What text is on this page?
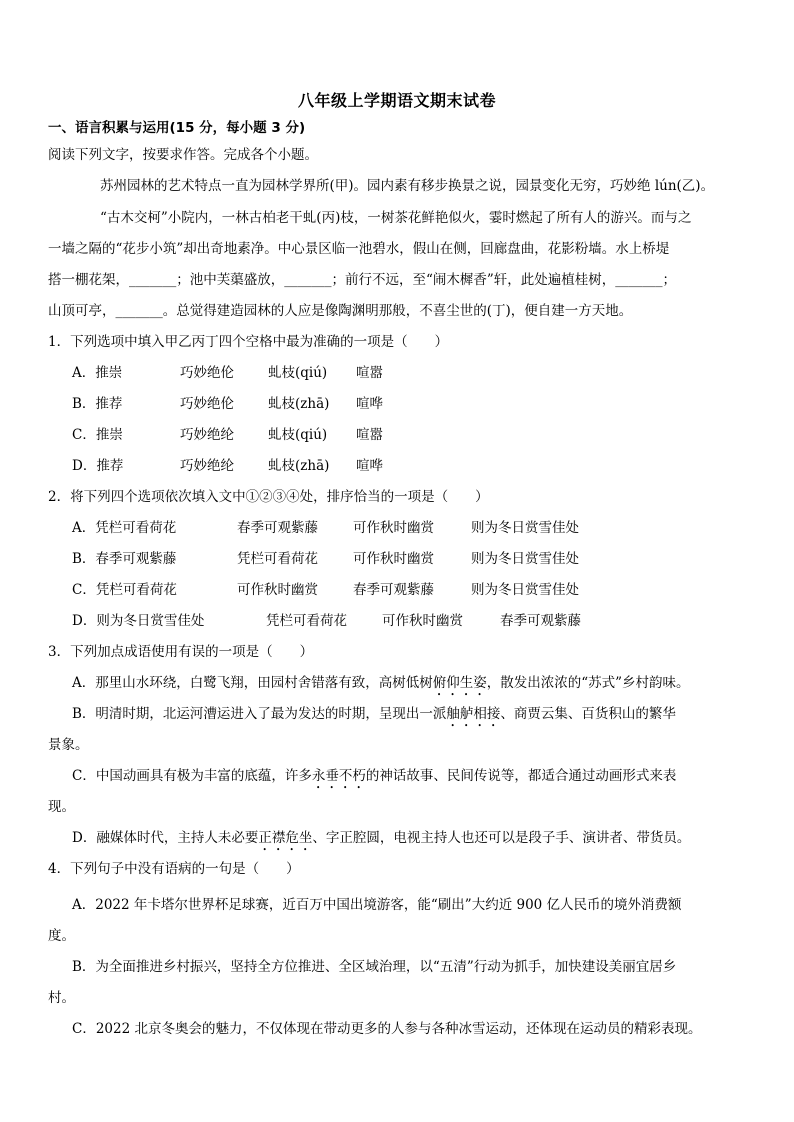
八年级上学期语文期末试卷
一、语言积累与运用(15 分，每小题 3 分)
阅读下列文字，按要求作答。完成各个小题。
苏州园林的艺术特点一直为园林学界所(甲)。园内素有移步换景之说，园景变化无穷，巧妙绝 lún(乙)。
“古木交柯”小院内，一林古柏老干虬(丙)枝，一树茶花鲜艳似火，霎时燃起了所有人的游兴。而与之
一墙之隔的“花步小筑”却出奇地素净。中心景区临一池碧水，假山在侧，回廊盘曲，花影粉墙。水上桥堤
搭一棚花架，_______；池中芙蕖盛放，_______；前行不远，至“闹木樨香”轩，此处遍植桂树，_______；
山顶可亭，_______。总觉得建造园林的人应是像陶渊明那般，不喜尘世的(丁)，便自建一方天地。
1．下列选项中填入甲乙丙丁四个空格中最为准确的一项是（　　）
A．推崇	巧妙绝伦	虬枝(qiú) 喧嚣
B．推荐	巧妙绝伦	虬枝(zhā) 喧哗
C．推崇	巧妙绝纶	虬枝(qiú) 喧嚣
D．推荐	巧妙绝纶	虬枝(zhā) 喧哗
2．将下列四个选项依次填入文中①②③④处，排序恰当的一项是（　　）
A．凭栏可看荷花	春季可观紫藤	可作秋时幽赏	则为冬日赏雪佳处
B．春季可观紫藤	凭栏可看荷花	可作秋时幽赏	则为冬日赏雪佳处
C．凭栏可看荷花	可作秋时幽赏	春季可观紫藤	则为冬日赏雪佳处
D．则为冬日赏雪佳处	凭栏可看荷花	可作秋时幽赏	春季可观紫藤
3．下列加点成语使用有误的一项是（　　）
A．那里山水环绕，白鹭飞翔，田园村舍错落有致，高树低树俯仰生姿，散发出浓浓的“苏式”乡村韵味。
B．明清时期，北运河漕运进入了最为发达的时期，呈现出一派舳舻相接、商贾云集、百货积山的繁华
景象。
C．中国动画具有极为丰富的底蕴，许多永垂不朽的神话故事、民间传说等，都适合通过动画形式来表
现。
D．融媒体时代，主持人未必要正襟危坐、字正腔圆，电视主持人也还可以是段子手、演讲者、带货员。
4．下列句子中没有语病的一句是（　　）
A．2022 年卡塔尔世界杯足球赛，近百万中国出境游客，能“刷出”大约近 900 亿人民币的境外消费额
度。
B．为全面推进乡村振兴，坚持全方位推进、全区域治理，以“五清”行动为抓手，加快建设美丽宜居乡
村。
C．2022 北京冬奥会的魅力，不仅体现在带动更多的人参与各种冰雪运动，还体现在运动员的精彩表现。
